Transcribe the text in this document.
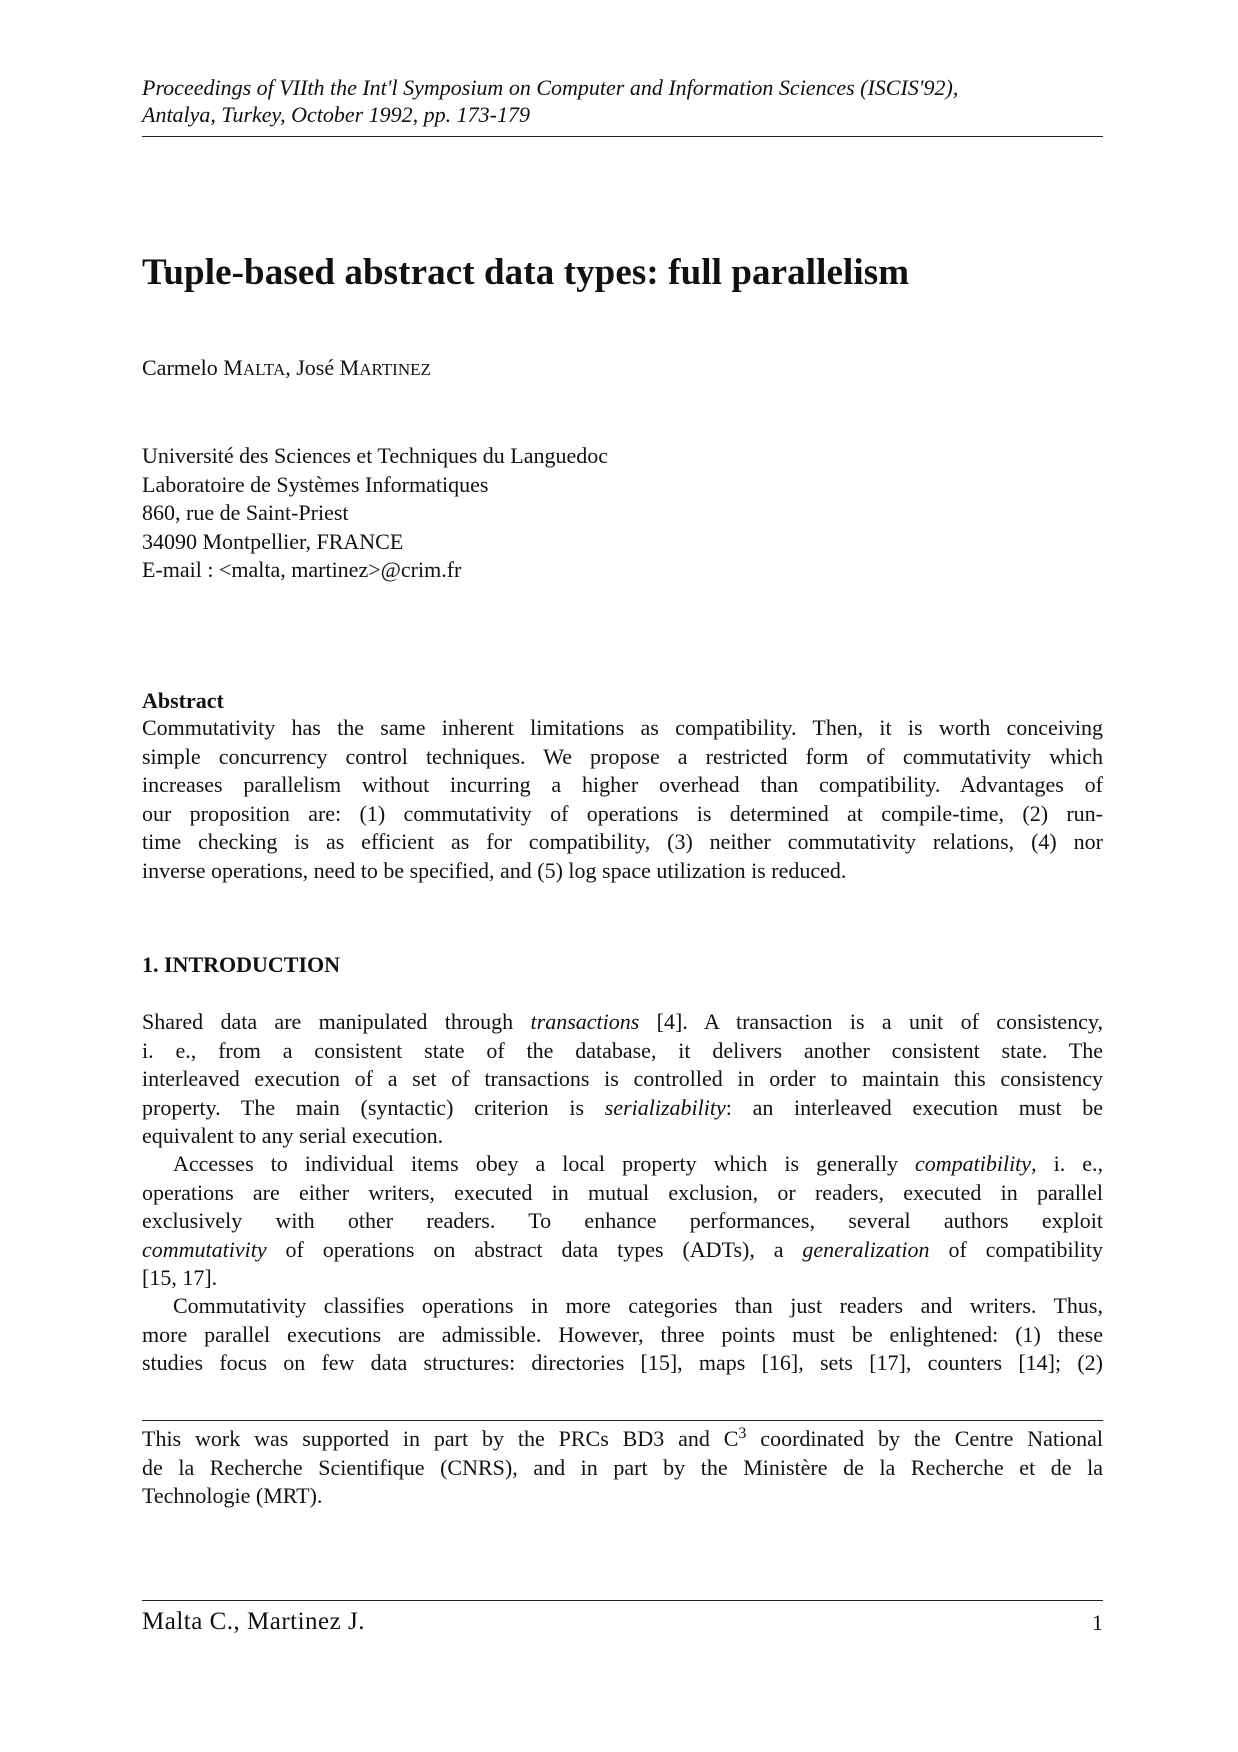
Proceedings of VIIth the Int'l Symposium on Computer and Information Sciences (ISCIS'92),
Antalya, Turkey, October 1992, pp. 173-179
Tuple-based abstract data types: full parallelism
Carmelo MALTA, José MARTINEZ
Université des Sciences et Techniques du Languedoc
Laboratoire de Systèmes Informatiques
860, rue de Saint-Priest
34090 Montpellier, FRANCE
E-mail : <malta, martinez>@crim.fr
Abstract
Commutativity has the same inherent limitations as compatibility. Then, it is worth conceiving
simple concurrency control techniques. We propose a restricted form of commutativity which
increases parallelism without incurring a higher overhead than compatibility. Advantages of
our proposition are: (1) commutativity of operations is determined at compile-time, (2) run-
time checking is as efficient as for compatibility, (3) neither commutativity relations, (4) nor
inverse operations, need to be specified, and (5) log space utilization is reduced.
1. INTRODUCTION
Shared data are manipulated through transactions [4]. A transaction is a unit of consistency,
i. e., from a consistent state of the database, it delivers another consistent state. The
interleaved execution of a set of transactions is controlled in order to maintain this consistency
property. The main (syntactic) criterion is serializability: an interleaved execution must be
equivalent to any serial execution.
Accesses to individual items obey a local property which is generally compatibility, i. e.,
operations are either writers, executed in mutual exclusion, or readers, executed in parallel
exclusively with other readers. To enhance performances, several authors exploit
commutativity of operations on abstract data types (ADTs), a generalization of compatibility
[15, 17].
Commutativity classifies operations in more categories than just readers and writers. Thus,
more parallel executions are admissible. However, three points must be enlightened: (1) these
studies focus on few data structures: directories [15], maps [16], sets [17], counters [14]; (2)
This work was supported in part by the PRCs BD3 and $C^3$ coordinated by the Centre National
de la Recherche Scientifique (CNRS), and in part by the Ministère de la Recherche et de la
Technologie (MRT).
Malta C., Martinez J.	1
